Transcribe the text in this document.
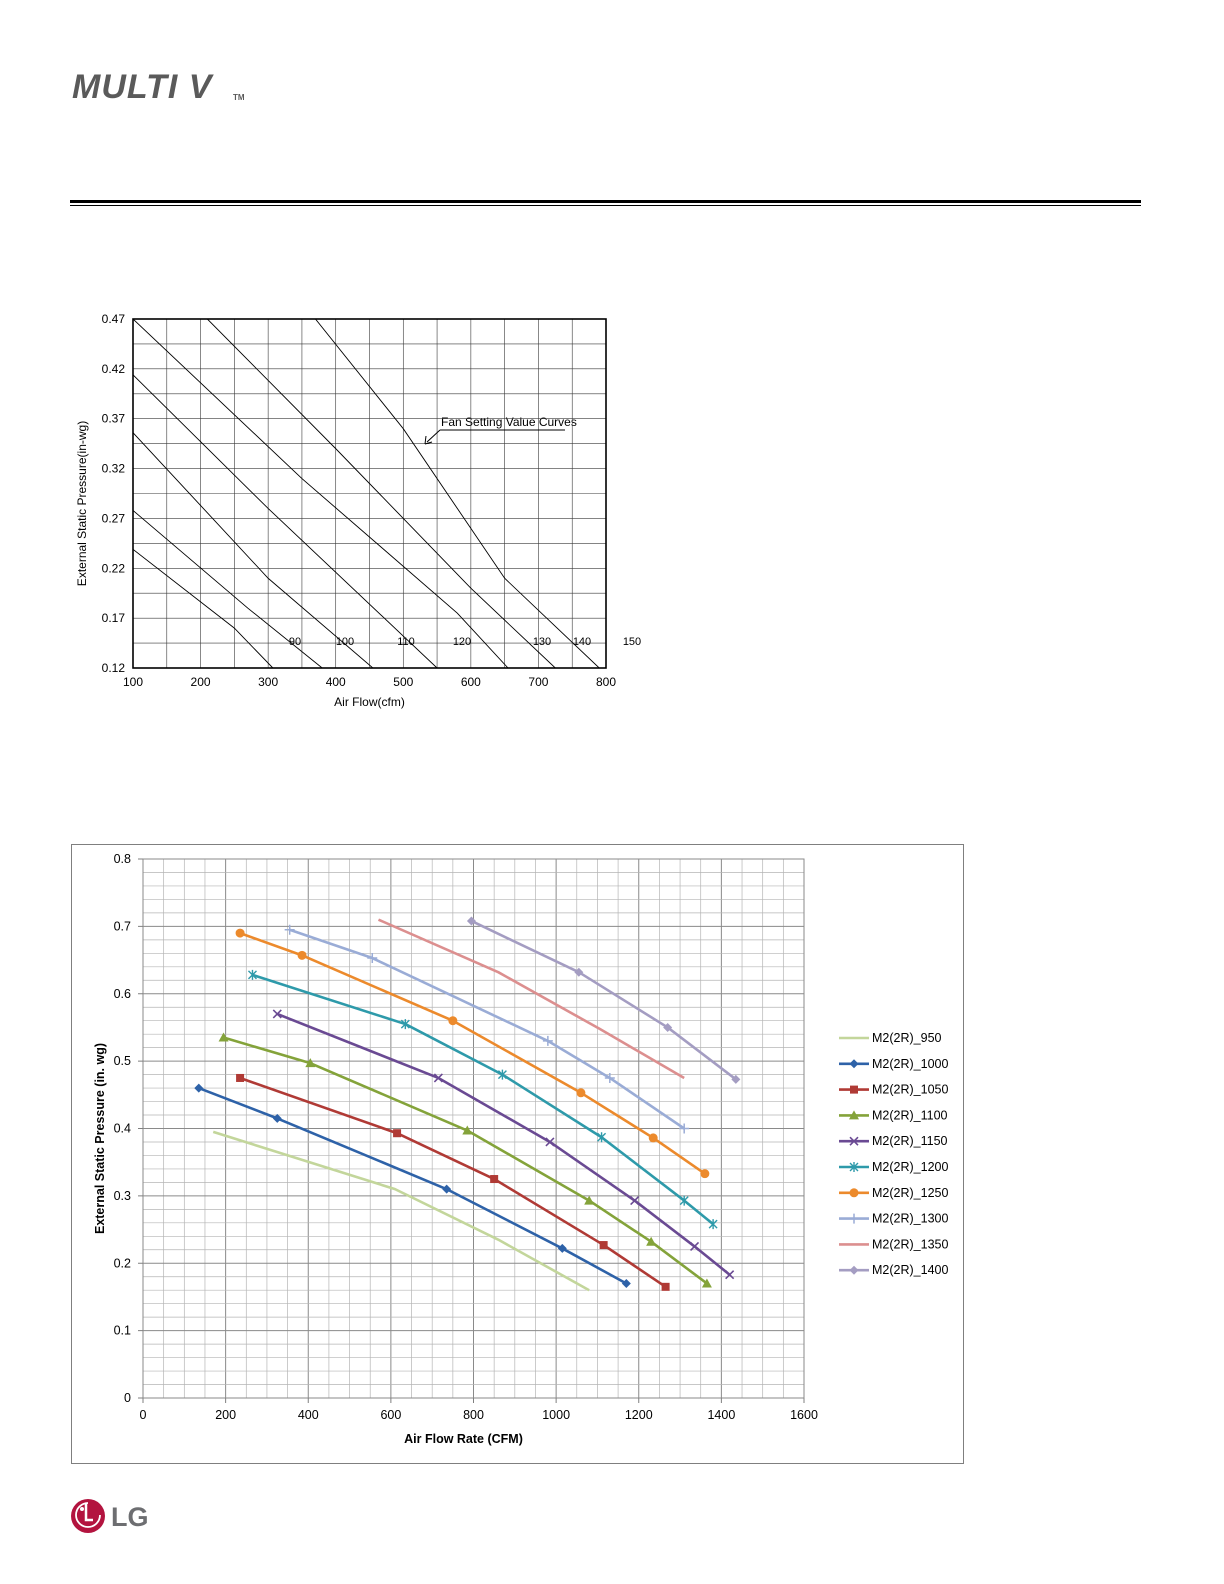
MULTI V	TM
Fan Setting Value Curves
Air Flow(cfm)
External Static Pressure(in-wg)
100	200	300	400	500	600	700	800
0.12
0.17
0.22
0.27
0.32
0.37
0.42
0.47
90	100	110	120	130 140	150
Air Flow Rate (CFM)
External Static Pressure (in. wg)
0	200	400	600	800	1000	1200	1400	1600
0
0.1
0.2
0.3
0.4
0.5
0.6
0.7
0.8
M2(2R)_950
M2(2R)_1000
M2(2R)_1050
M2(2R)_1100
M2(2R)_1150
M2(2R)_1200
M2(2R)_1250
M2(2R)_1300
M2(2R)_1350
M2(2R)_1400
LG
